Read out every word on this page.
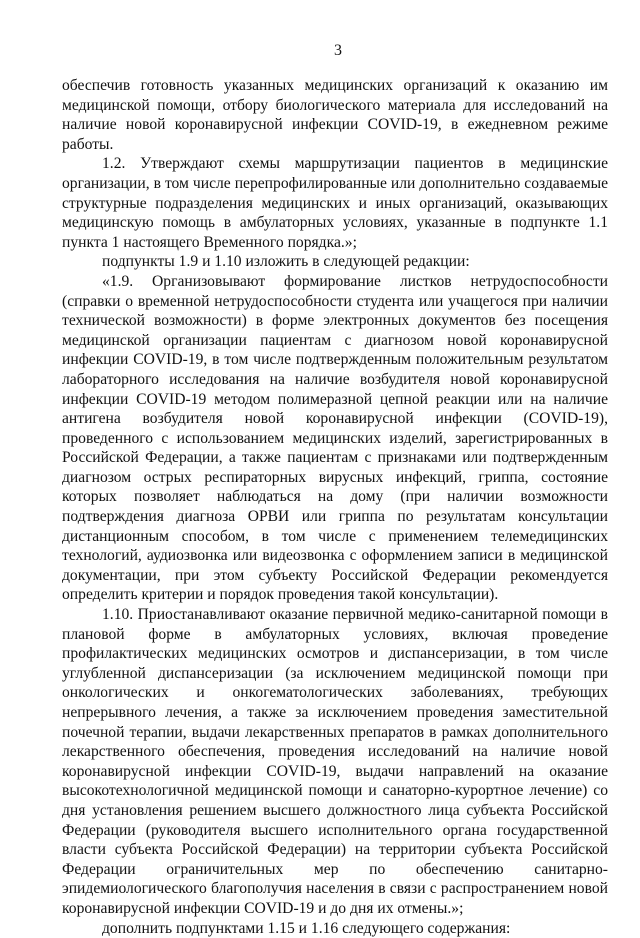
3

обеспечив готовность указанных медицинских организаций к оказанию им медицинской помощи, отбору биологического материала для исследований на наличие новой коронавирусной инфекции COVID-19, в ежедневном режиме работы.

1.2. Утверждают схемы маршрутизации пациентов в медицинские организации, в том числе перепрофилированные или дополнительно создаваемые структурные подразделения медицинских и иных организаций, оказывающих медицинскую помощь в амбулаторных условиях, указанные в подпункте 1.1 пункта 1 настоящего Временного порядка.»;

подпункты 1.9 и 1.10 изложить в следующей редакции:

«1.9. Организовывают формирование листков нетрудоспособности (справки о временной нетрудоспособности студента или учащегося при наличии технической возможности) в форме электронных документов без посещения медицинской организации пациентам с диагнозом новой коронавирусной инфекции COVID-19, в том числе подтвержденным положительным результатом лабораторного исследования на наличие возбудителя новой коронавирусной инфекции COVID-19 методом полимеразной цепной реакции или на наличие антигена возбудителя новой коронавирусной инфекции (COVID-19), проведенного с использованием медицинских изделий, зарегистрированных в Российской Федерации, а также пациентам с признаками или подтвержденным диагнозом острых респираторных вирусных инфекций, гриппа, состояние которых позволяет наблюдаться на дому (при наличии возможности подтверждения диагноза ОРВИ или гриппа по результатам консультации дистанционным способом, в том числе с применением телемедицинских технологий, аудиозвонка или видеозвонка с оформлением записи в медицинской документации, при этом субъекту Российской Федерации рекомендуется определить критерии и порядок проведения такой консультации).

1.10. Приостанавливают оказание первичной медико-санитарной помощи в плановой форме в амбулаторных условиях, включая проведение профилактических медицинских осмотров и диспансеризации, в том числе углубленной диспансеризации (за исключением медицинской помощи при онкологических и онкогематологических заболеваниях, требующих непрерывного лечения, а также за исключением проведения заместительной почечной терапии, выдачи лекарственных препаратов в рамках дополнительного лекарственного обеспечения, проведения исследований на наличие новой коронавирусной инфекции COVID-19, выдачи направлений на оказание высокотехнологичной медицинской помощи и санаторно-курортное лечение) со дня установления решением высшего должностного лица субъекта Российской Федерации (руководителя высшего исполнительного органа государственной власти субъекта Российской Федерации) на территории субъекта Российской Федерации ограничительных мер по обеспечению санитарно-эпидемиологического благополучия населения в связи с распространением новой коронавирусной инфекции COVID-19 и до дня их отмены.»;

дополнить подпунктами 1.15 и 1.16 следующего содержания:
